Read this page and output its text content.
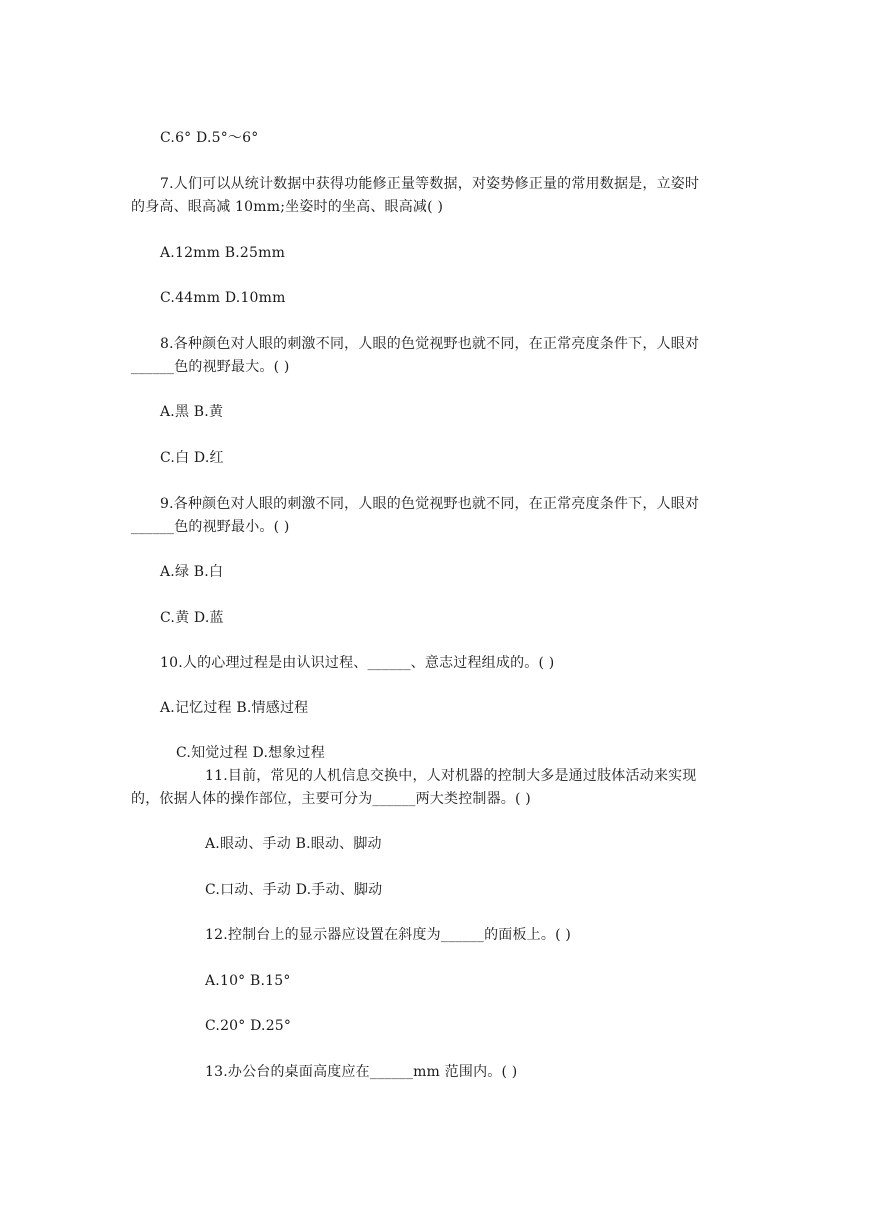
C.6° D.5°～6°
7.人们可以从统计数据中获得功能修正量等数据，对姿势修正量的常用数据是，立姿时
的身高、眼高减 10mm;坐姿时的坐高、眼高减( )
A.12mm B.25mm
C.44mm D.10mm
8.各种颜色对人眼的刺激不同，人眼的色觉视野也就不同，在正常亮度条件下，人眼对
______色的视野最大。( )
A.黑 B.黄
C.白 D.红
9.各种颜色对人眼的刺激不同，人眼的色觉视野也就不同，在正常亮度条件下，人眼对
______色的视野最小。( )
A.绿 B.白
C.黄 D.蓝
10.人的心理过程是由认识过程、______、意志过程组成的。( )
A.记忆过程 B.情感过程
C.知觉过程 D.想象过程
11.目前，常见的人机信息交换中，人对机器的控制大多是通过肢体活动来实现
的，依据人体的操作部位，主要可分为______两大类控制器。( )
A.眼动、手动 B.眼动、脚动
C.口动、手动 D.手动、脚动
12.控制台上的显示器应设置在斜度为______的面板上。( )
A.10° B.15°
C.20° D.25°
13.办公台的桌面高度应在______mm 范围内。( )
